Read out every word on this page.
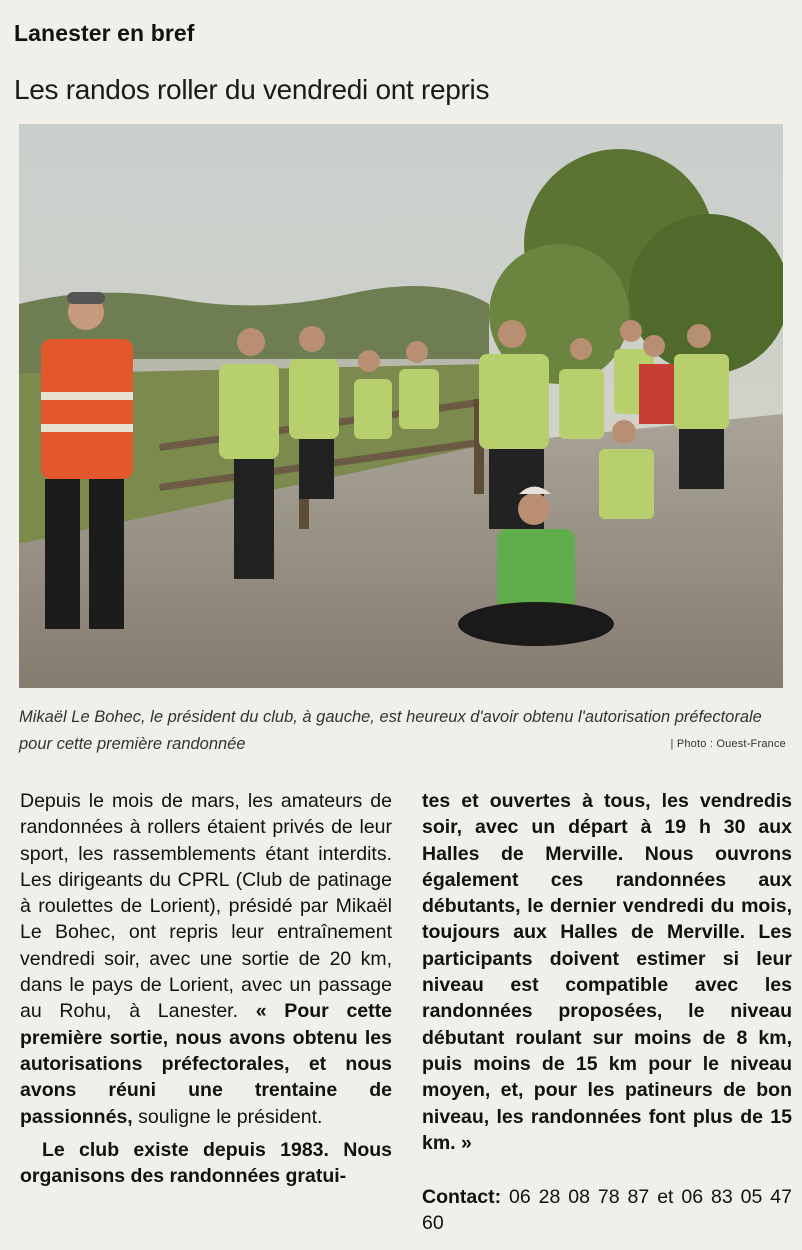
Lanester en bref
Les randos roller du vendredi ont repris
Mikaël Le Bohec, le président du club, à gauche, est heureux d'avoir obtenu l'autorisation préfectorale pour cette première randonnée	| Photo : Ouest-France

Depuis le mois de mars, les amateurs de randonnées à rollers étaient privés de leur sport, les rassemblements étant interdits. Les dirigeants du CPRL (Club de patinage à roulettes de Lorient), présidé par Mikaël Le Bohec, ont repris leur entraînement vendredi soir, avec une sortie de 20 km, dans le pays de Lorient, avec un passage au Rohu, à Lanester. « Pour cette première sortie, nous avons obtenu les autorisations préfectorales, et nous avons réuni une trentaine de passionnés, souligne le président.

Le club existe depuis 1983. Nous organisons des randonnées gratui-

tes et ouvertes à tous, les vendredis soir, avec un départ à 19 h 30 aux Halles de Merville. Nous ouvrons également ces randonnées aux débutants, le dernier vendredi du mois, toujours aux Halles de Merville. Les participants doivent estimer si leur niveau est compatible avec les randonnées proposées, le niveau débutant roulant sur moins de 8 km, puis moins de 15 km pour le niveau moyen, et, pour les patineurs de bon niveau, les randonnées font plus de 15 km. »

Contact: 06 28 08 78 87 et 06 83 05 47 60
